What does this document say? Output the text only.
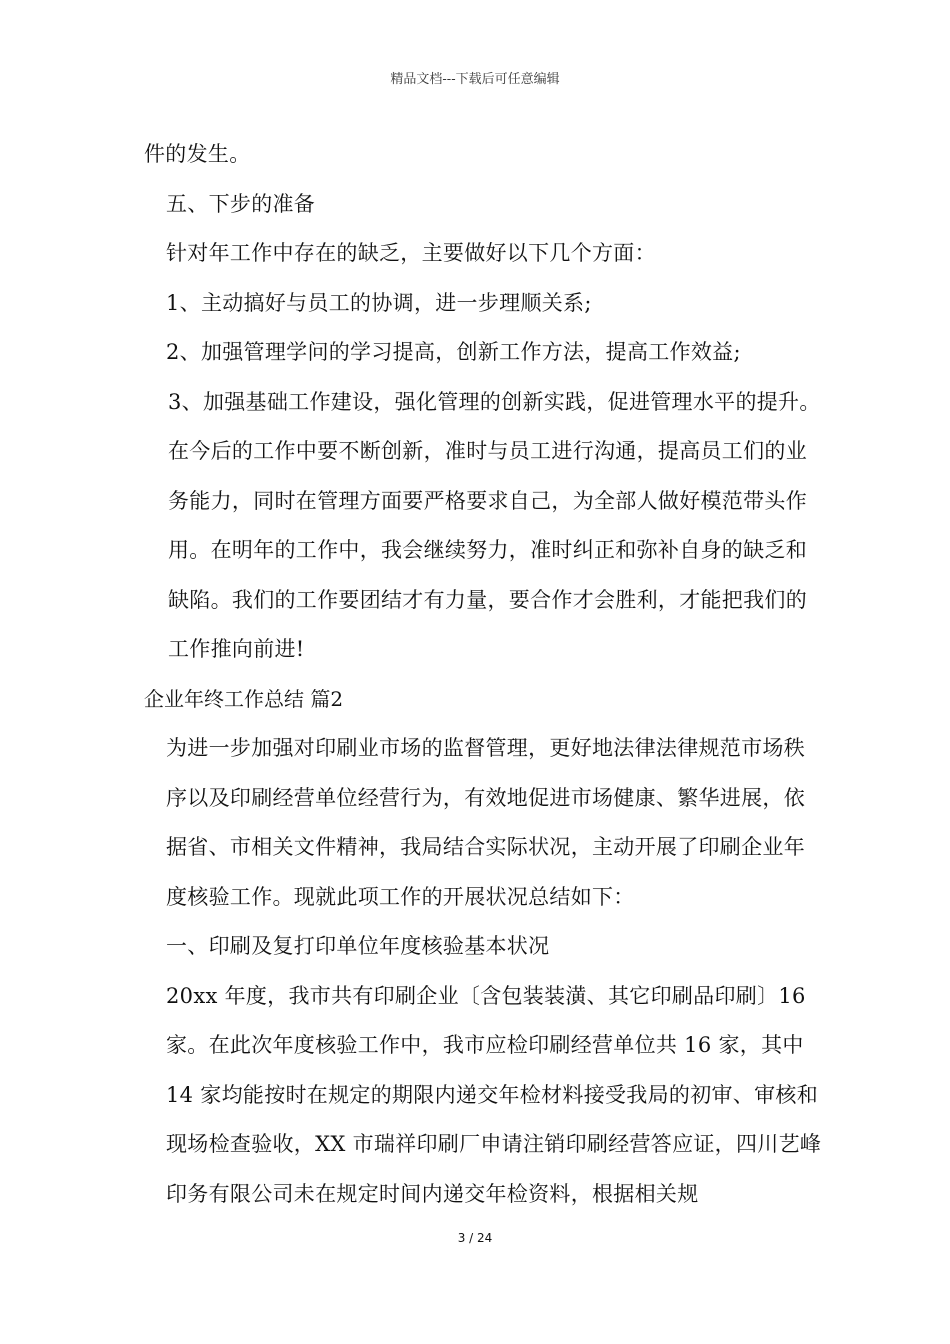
精品文档---下载后可任意编辑

件的发生。

五、下步的准备

针对年工作中存在的缺乏，主要做好以下几个方面：

1、主动搞好与员工的协调，进一步理顺关系;

2、加强管理学问的学习提高，创新工作方法，提高工作效益;

3、加强基础工作建设，强化管理的创新实践，促进管理水平的提升。在今后的工作中要不断创新，准时与员工进行沟通，提高员工们的业务能力，同时在管理方面要严格要求自己，为全部人做好模范带头作用。在明年的工作中，我会继续努力，准时纠正和弥补自身的缺乏和缺陷。我们的工作要团结才有力量，要合作才会胜利，才能把我们的工作推向前进!

企业年终工作总结 篇2

为进一步加强对印刷业市场的监督管理，更好地法律法律规范市场秩序以及印刷经营单位经营行为，有效地促进市场健康、繁华进展，依据省、市相关文件精神，我局结合实际状况，主动开展了印刷企业年度核验工作。现就此项工作的开展状况总结如下：

一、印刷及复打印单位年度核验基本状况

20xx 年度，我市共有印刷企业〔含包装装潢、其它印刷品印刷〕16 家。在此次年度核验工作中，我市应检印刷经营单位共 16 家，其中 14 家均能按时在规定的期限内递交年检材料接受我局的初审、审核和现场检查验收，XX 市瑞祥印刷厂申请注销印刷经营答应证，四川艺峰印务有限公司未在规定时间内递交年检资料，根据相关规

3 / 24
